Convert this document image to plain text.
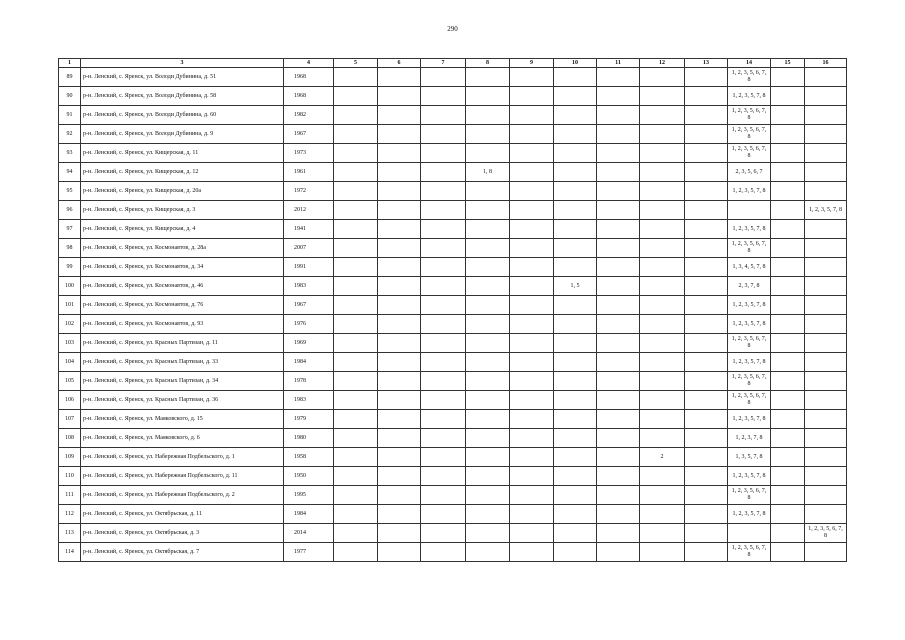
290
1	3	4	5	6	7	8	9	10	11	12	13	14	15	16
89	р-н. Ленский, с. Яренск, ул. Володи Дубинина, д. 51	1968										1, 2, 3, 5, 6, 7, 8		
90	р-н. Ленский, с. Яренск, ул. Володи Дубинина, д. 58	1968										1, 2, 3, 5, 7, 8		
91	р-н. Ленский, с. Яренск, ул. Володи Дубинина, д. 60	1982										1, 2, 3, 5, 6, 7, 8		
92	р-н. Ленский, с. Яренск, ул. Володи Дубинина, д. 9	1967										1, 2, 3, 5, 6, 7, 8		
93	р-н. Ленский, с. Яренск, ул. Кищерская, д. 11	1973										1, 2, 3, 5, 6, 7, 8		
94	р-н. Ленский, с. Яренск, ул. Кищерская, д. 12	1961				1, 8						2, 3, 5, 6, 7		
95	р-н. Ленский, с. Яренск, ул. Кищерская, д. 20а	1972										1, 2, 3, 5, 7, 8		
96	р-н. Ленский, с. Яренск, ул. Кищерская, д. 3	2012												1, 2, 3, 5, 7, 8
97	р-н. Ленский, с. Яренск, ул. Кищерская, д. 4	1941										1, 2, 3, 5, 7, 8		
98	р-н. Ленский, с. Яренск, ул. Космонавтов, д. 28а	2007										1, 2, 3, 5, 6, 7, 8		
99	р-н. Ленский, с. Яренск, ул. Космонавтов, д. 34	1991										1, 3, 4, 5, 7, 8		
100	р-н. Ленский, с. Яренск, ул. Космонавтов, д. 46	1983						1, 5				2, 3, 7, 8		
101	р-н. Ленский, с. Яренск, ул. Космонавтов, д. 76	1967										1, 2, 3, 5, 7, 8		
102	р-н. Ленский, с. Яренск, ул. Космонавтов, д. 93	1976										1, 2, 3, 5, 7, 8		
103	р-н. Ленский, с. Яренск, ул. Красных Партизан, д. 11	1969										1, 2, 3, 5, 6, 7, 8		
104	р-н. Ленский, с. Яренск, ул. Красных Партизан, д. 33	1984										1, 2, 3, 5, 7, 8		
105	р-н. Ленский, с. Яренск, ул. Красных Партизан, д. 34	1978										1, 2, 3, 5, 6, 7, 8		
106	р-н. Ленский, с. Яренск, ул. Красных Партизан, д. 36	1983										1, 2, 3, 5, 6, 7, 8		
107	р-н. Ленский, с. Яренск, ул. Маяковского, д. 15	1979										1, 2, 3, 5, 7, 8		
108	р-н. Ленский, с. Яренск, ул. Маяковского, д. 6	1980										1, 2, 3, 7, 8		
109	р-н. Ленский, с. Яренск, ул. Набережная Подбельского, д. 1	1958								2		1, 3, 5, 7, 8		
110	р-н. Ленский, с. Яренск, ул. Набережная Подбельского, д. 11	1950										1, 2, 3, 5, 7, 8		
111	р-н. Ленский, с. Яренск, ул. Набережная Подбельского, д. 2	1995										1, 2, 3, 5, 6, 7, 8		
112	р-н. Ленский, с. Яренск, ул. Октябрьская, д. 11	1984										1, 2, 3, 5, 7, 8		
113	р-н. Ленский, с. Яренск, ул. Октябрьская, д. 3	2014												1, 2, 3, 5, 6, 7, 8
114	р-н. Ленский, с. Яренск, ул. Октябрьская, д. 7	1977										1, 2, 3, 5, 6, 7, 8		
